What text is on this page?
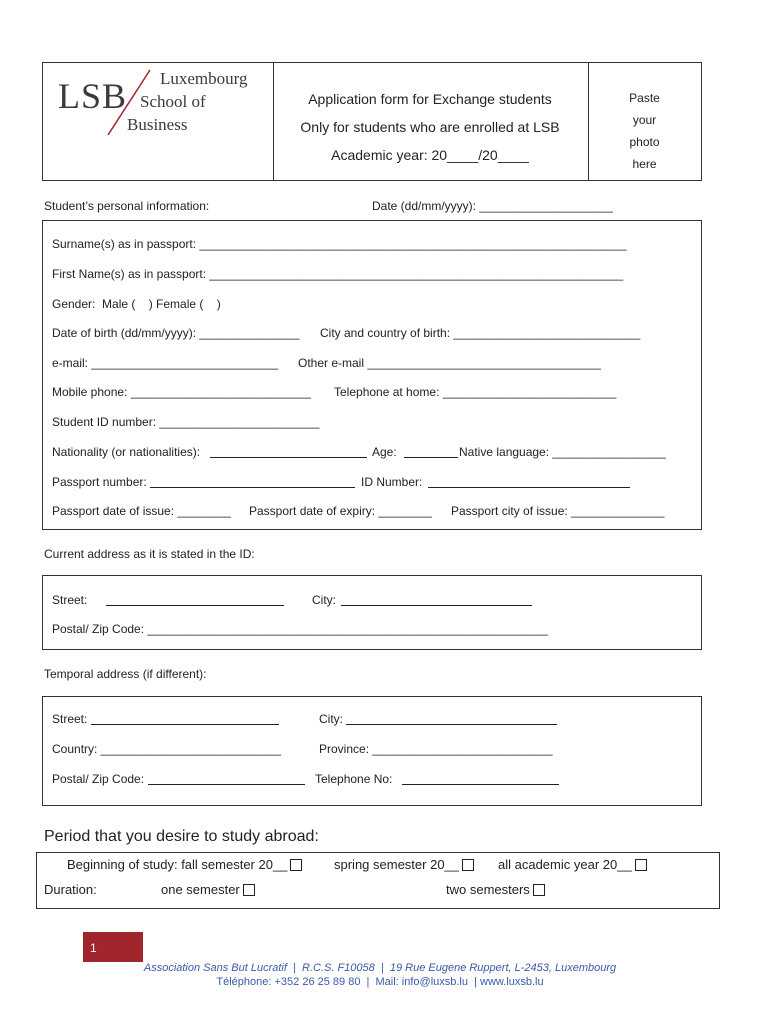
LSB Luxembourg
School of
Business
Application form for Exchange students
Only for students who are enrolled at LSB
Academic year: 20____/20____
Paste
your
photo
here
Student’s personal information:	Date (dd/mm/yyyy): ____________________
Surname(s) as in passport: ________________________________________________________________
First Name(s) as in passport: ______________________________________________________________
Gender:  Male (    ) Female (    )
Date of birth (dd/mm/yyyy): _______________ City and country of birth: ____________________________
e-mail: ____________________________ Other e-mail ___________________________________
Mobile phone: ___________________________ Telephone at home: __________________________
Student ID number: ________________________
Nationality (or nationalities):	Age:	Native language: _________________
Passport number:	ID Number:
Passport date of issue: ________ Passport date of expiry: ________ Passport city of issue: ______________
Current address as it is stated in the ID:
Street:	City:
Postal/ Zip Code: ____________________________________________________________
Temporal address (if different):
Street:	City:
Country: ___________________________	Province: ___________________________
Postal/ Zip Code:	Telephone No:
Period that you desire to study abroad:
Beginning of study: fall semester 20__	spring semester 20__	all academic year 20__
Duration:	one semester	two semesters
1
Association Sans But Lucratif  |  R.C.S. F10058  |  19 Rue Eugene Ruppert, L-2453, Luxembourg
Téléphone: +352 26 25 89 80  |  Mail: info@luxsb.lu  | www.luxsb.lu
